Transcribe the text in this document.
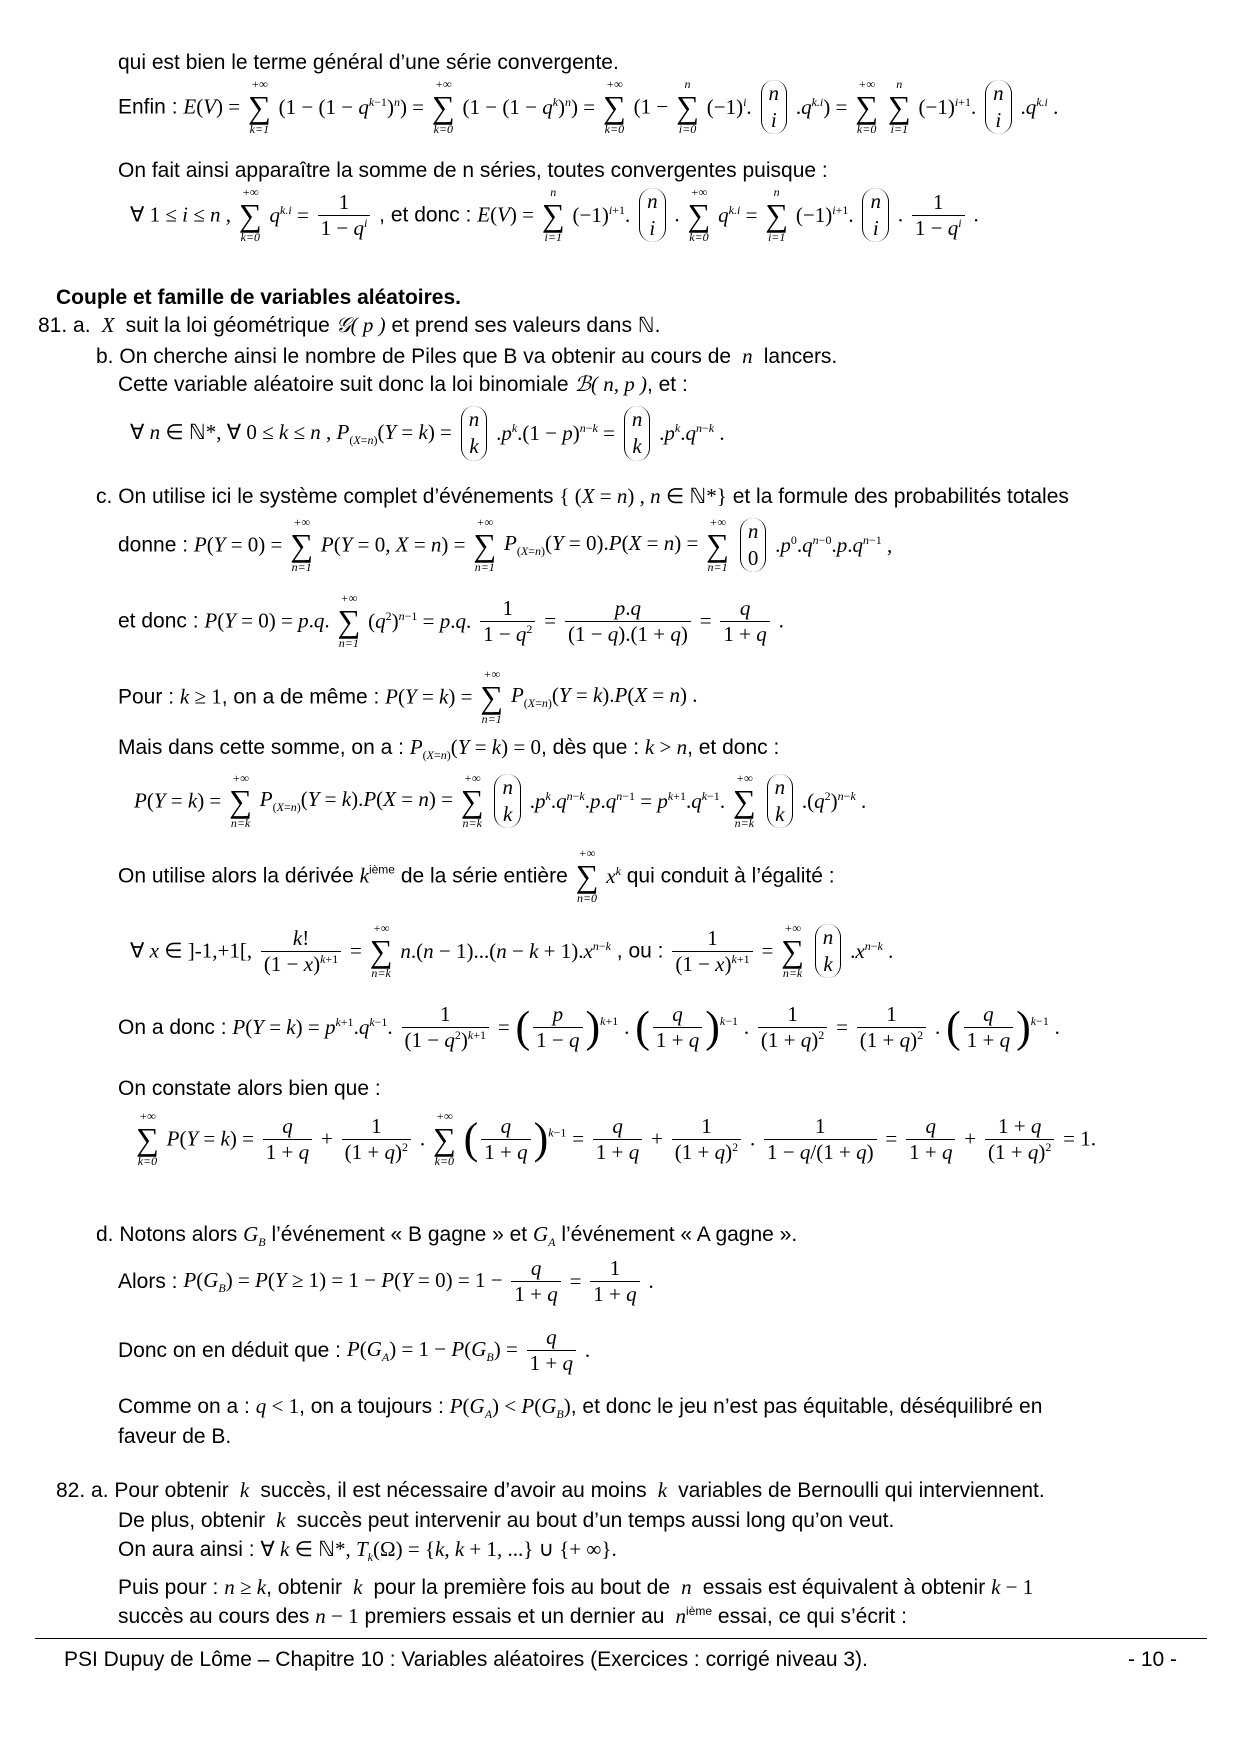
qui est bien le terme général d’une série convergente.
Enfin : E(V) =
+∞
∑
k=1
$(1 - (1 - q^{k-1})^n)$ =
+∞
∑
k=0
$(1 - (1 - q^k)^n)$ =
+∞
∑
k=0
(1 −
n
∑
i=0
$(-1)^i$.
n
i
$.q^{k.i}$) =
+∞
∑
k=0

n
∑
i=1
$(-1)^{i+1}$.
n
i
$.q^{k.i}$ .
On fait ainsi apparaître la somme de n séries, toutes convergentes puisque :
∀ 1 ≤ i ≤ n ,
+∞
∑
k=0
$q^{k.i} = \frac{1}{1 - q^i}$ , et donc : E(V) =
n
∑
i=1
$(-1)^{i+1}$.
n
i
.
+∞
∑
k=0
$q^{k.i}$ =
n
∑
i=1
$(-1)^{i+1}$.
n
i
. $\frac{1}{1 - q^i}$ .
Couple et famille de variables aléatoires.
81. a.  X  suit la loi géométrique 𝒢( p ) et prend ses valeurs dans ℕ.
b. On cherche ainsi le nombre de Piles que B va obtenir au cours de  n  lancers.
Cette variable aléatoire suit donc la loi binomiale ℬ( n, p ), et :
∀ n ∈ ℕ*, ∀ 0 ≤ k ≤ n , $P_{(X=n)}(Y = k)$ =
n
k
$.p^k.(1 - p)^{n-k}$ =
n
k
$.p^k.q^{n-k}$ .
c. On utilise ici le système complet d’événements { (X = n) , n ∈ ℕ*} et la formule des probabilités totales
donne : P(Y = 0) =
+∞
∑
n=1
P(Y = 0, X = n) =
+∞
∑
n=1
$P_{(X=n)}(Y = 0).P(X = n)$ =
+∞
∑
n=1

n
0
$.p^0.q^{n-0}.p.q^{n-1}$ ,
et donc : P(Y = 0) = p.q.
+∞
∑
n=1
$(q^2)^{n-1} = p.q$. $\frac{1}{1 - q^2} = \frac{p.q}{(1 - q).(1 + q)} = \frac{q}{1 + q}$ .
Pour : k ≥ 1, on a de même : P(Y = k) =
+∞
∑
n=1
$P_{(X=n)}(Y = k).P(X = n)$ .
Mais dans cette somme, on a : $P_{(X=n)}(Y = k) = 0$, dès que : k > n, et donc :
P(Y = k) =
+∞
∑
n=k
$P_{(X=n)}(Y = k).P(X = n)$ =
+∞
∑
n=k

n
k
$.p^k.q^{n-k}.p.q^{n-1} = p^{k+1}.q^{k-1}$.
+∞
∑
n=k

n
k
$.(q^2)^{n-k}$ .
On utilise alors la dérivée $k^{ième}$ de la série entière
+∞
∑
n=0
$x^k$ qui conduit à l’égalité :
∀ x ∈ ]-1,+1[, $\frac{k!}{(1 - x)^{k+1}}$ =
+∞
∑
n=k
$n.(n - 1)...(n - k + 1).x^{n-k}$ , ou : $\frac{1}{(1 - x)^{k+1}}$ =
+∞
∑
n=k

n
k
$.x^{n-k}$ .
On a donc : $P(Y = k) = p^{k+1}.q^{k-1}$. $\frac{1}{(1 - q^2)^{k+1}}$ = ( $\frac{p}{1 - q} )^{k+1}$ . ( $\frac{q}{1 + q} )^{k-1}$ . $\frac{1}{(1 + q)^2} = \frac{1}{(1 + q)^2}$ . ( $\frac{q}{1 + q} )^{k-1}$ .
On constate alors bien que :
+∞
∑
k=0
$P(Y = k) = \frac{q}{1 + q} + \frac{1}{(1 + q)^2}$ .
+∞
∑
k=0 ( $\frac{q}{1 + q} )^{k-1} = \frac{q}{1 + q} + \frac{1}{(1 + q)^2}$ . $\frac{1}{1 - q/(1 + q)} = \frac{q}{1 + q} + \frac{1 + q}{(1 + q)^2} = 1$.
d. Notons alors $G_B$ l’événement « B gagne » et $G_A$ l’événement « A gagne ».
Alors : $P(G_B) = P(Y \ge 1) = 1 - P(Y = 0) = 1 - \frac{q}{1 + q} = \frac{1}{1 + q}$ .
Donc on en déduit que : $P(G_A) = 1 - P(G_B) = \frac{q}{1 + q}$ .
Comme on a : q < 1, on a toujours : $P(G_A) < P(G_B)$, et donc le jeu n’est pas équitable, déséquilibré en
faveur de B.
82. a. Pour obtenir  k  succès, il est nécessaire d’avoir au moins  k  variables de Bernoulli qui interviennent.
De plus, obtenir  k  succès peut intervenir au bout d’un temps aussi long qu’on veut.
On aura ainsi : ∀ k ∈ ℕ*, $T_k(\Omega) = \{k$, k + 1, ...} ∪ {+ ∞}.
Puis pour : n ≥ k, obtenir  k  pour la première fois au bout de  n  essais est équivalent à obtenir k − 1
succès au cours des n − 1 premiers essais et un dernier au  $n^{ième}$ essai, ce qui s’écrit :
PSI Dupuy de Lôme – Chapitre 10 : Variables aléatoires (Exercices : corrigé niveau 3).	- 10 -
